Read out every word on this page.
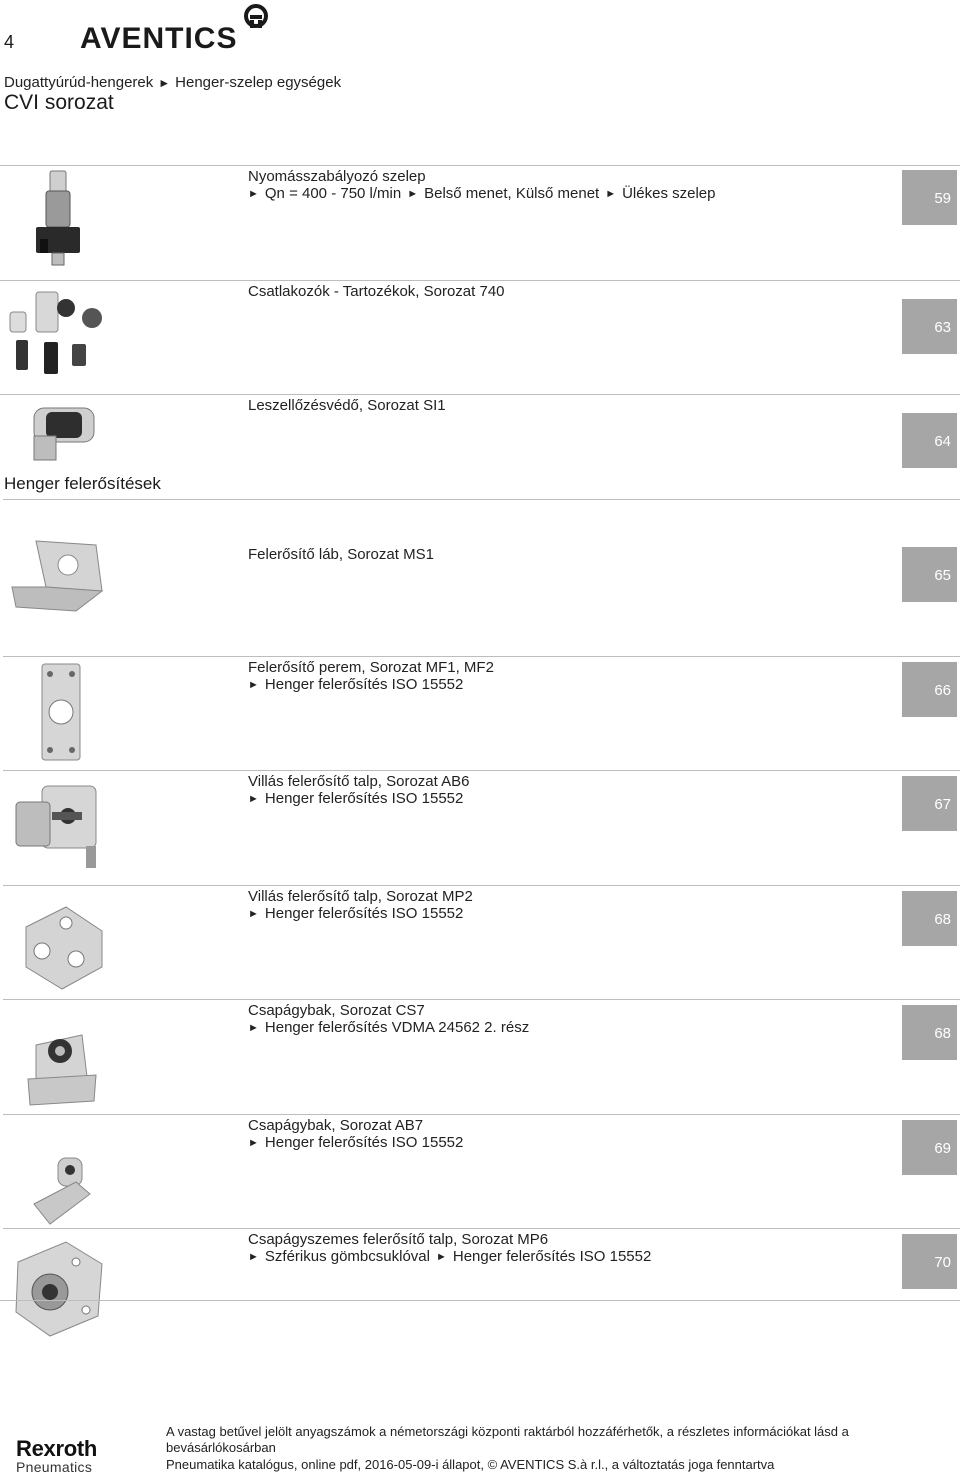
4 AVENTICS
Dugattyúrúd-hengerek ► Henger-szelep egységek
CVI sorozat
Henger felerősítések
Nyomásszabályozó szelep
► Qn = 400 - 750 l/min ► Belső menet, Külső menet ► Ülékes szelep	59
Csatlakozók - Tartozékok, Sorozat 740
63
Leszellőzésvédő, Sorozat SI1
64
Felerősítő láb, Sorozat MS1
65
Felerősítő perem, Sorozat MF1, MF2
► Henger felerősítés ISO 15552	66
Villás felerősítő talp, Sorozat AB6
► Henger felerősítés ISO 15552	67
Villás felerősítő talp, Sorozat MP2
► Henger felerősítés ISO 15552	68
Csapágybak, Sorozat CS7
► Henger felerősítés VDMA 24562 2. rész	68
Csapágybak, Sorozat AB7
► Henger felerősítés ISO 15552	69
Csapágyszemes felerősítő talp, Sorozat MP6
► Szférikus gömbcsuklóval ► Henger felerősítés ISO 15552	70
Rexroth
Pneumatics
A vastag betűvel jelölt anyagszámok a németországi központi raktárból hozzáférhetők, a részletes információkat lásd a bevásárlókosárban
Pneumatika katalógus, online pdf, 2016-05-09-i állapot, © AVENTICS S.à r.l., a változtatás joga fenntartva
